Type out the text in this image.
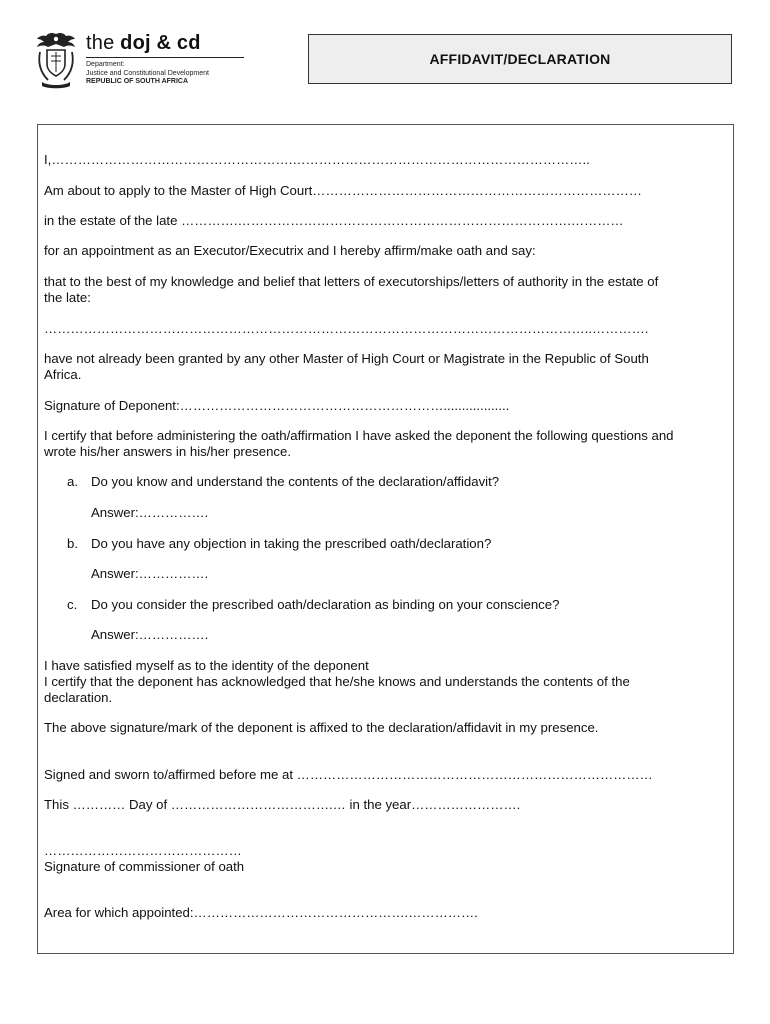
the doj & cd
Department:
Justice and Constitutional Development
REPUBLIC OF SOUTH AFRICA
AFFIDAVIT/DECLARATION
I,……………………………………………….…………………………………………………………..
Am about to apply to the Master of High Court…………………………………………………………………
in the estate of the late ………….………………………………………………………………….…………
for an appointment as an Executor/Executrix and I hereby affirm/make oath and say:
that to the best of my knowledge and belief that letters of executorships/letters of authority in the estate of
the late:
……………………………………………………………………………………………………………..………….
have not already been granted by any other Master of High Court or Magistrate in the Republic of South
Africa.
Signature of Deponent:……………………………………………………..................
I certify that before administering the oath/affirmation I have asked the deponent the following questions and
wrote his/her answers in his/her presence.
a. Do you know and understand the contents of the declaration/affidavit?
Answer:…………….
b. Do you have any objection in taking the prescribed oath/declaration?
Answer:…………….
c. Do you consider the prescribed oath/declaration as binding on your conscience?
Answer:…………….
I have satisfied myself as to the identity of the deponent
I certify that the deponent has acknowledged that he/she knows and understands the contents of the
declaration.
The above signature/mark of the deponent is affixed to the declaration/affidavit in my presence.
Signed and sworn to/affirmed before me at ………………………………………………………………………
This ………… Day of ……………………………….… in the year…………………….
………………………………………
Signature of commissioner of oath
Area for which appointed:………………………………………….…………….
